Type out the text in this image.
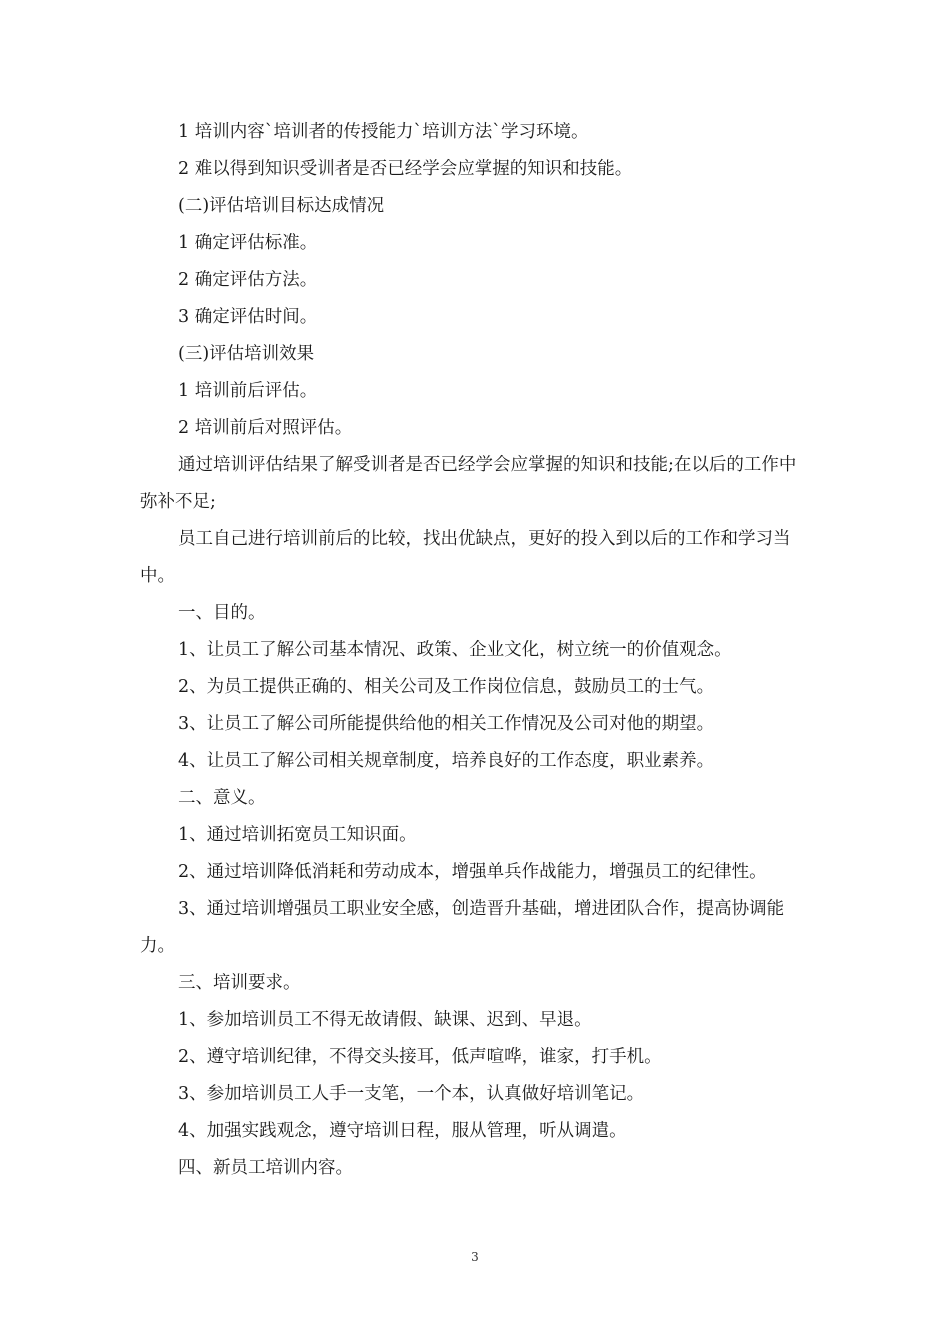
1 培训内容`培训者的传授能力`培训方法`学习环境。

2 难以得到知识受训者是否已经学会应掌握的知识和技能。

(二)评估培训目标达成情况

1 确定评估标准。

2 确定评估方法。

3 确定评估时间。

(三)评估培训效果

1 培训前后评估。

2 培训前后对照评估。

通过培训评估结果了解受训者是否已经学会应掌握的知识和技能;在以后的工作中弥补不足;

员工自己进行培训前后的比较，找出优缺点，更好的投入到以后的工作和学习当中。

一、目的。

1、让员工了解公司基本情况、政策、企业文化，树立统一的价值观念。

2、为员工提供正确的、相关公司及工作岗位信息，鼓励员工的士气。

3、让员工了解公司所能提供给他的相关工作情况及公司对他的期望。

4、让员工了解公司相关规章制度，培养良好的工作态度，职业素养。

二、意义。

1、通过培训拓宽员工知识面。

2、通过培训降低消耗和劳动成本，增强单兵作战能力，增强员工的纪律性。

3、通过培训增强员工职业安全感，创造晋升基础，增进团队合作，提高协调能力。

三、培训要求。

1、参加培训员工不得无故请假、缺课、迟到、早退。

2、遵守培训纪律，不得交头接耳，低声喧哗，谁家，打手机。

3、参加培训员工人手一支笔，一个本，认真做好培训笔记。

4、加强实践观念，遵守培训日程，服从管理，听从调遣。

四、新员工培训内容。

3
